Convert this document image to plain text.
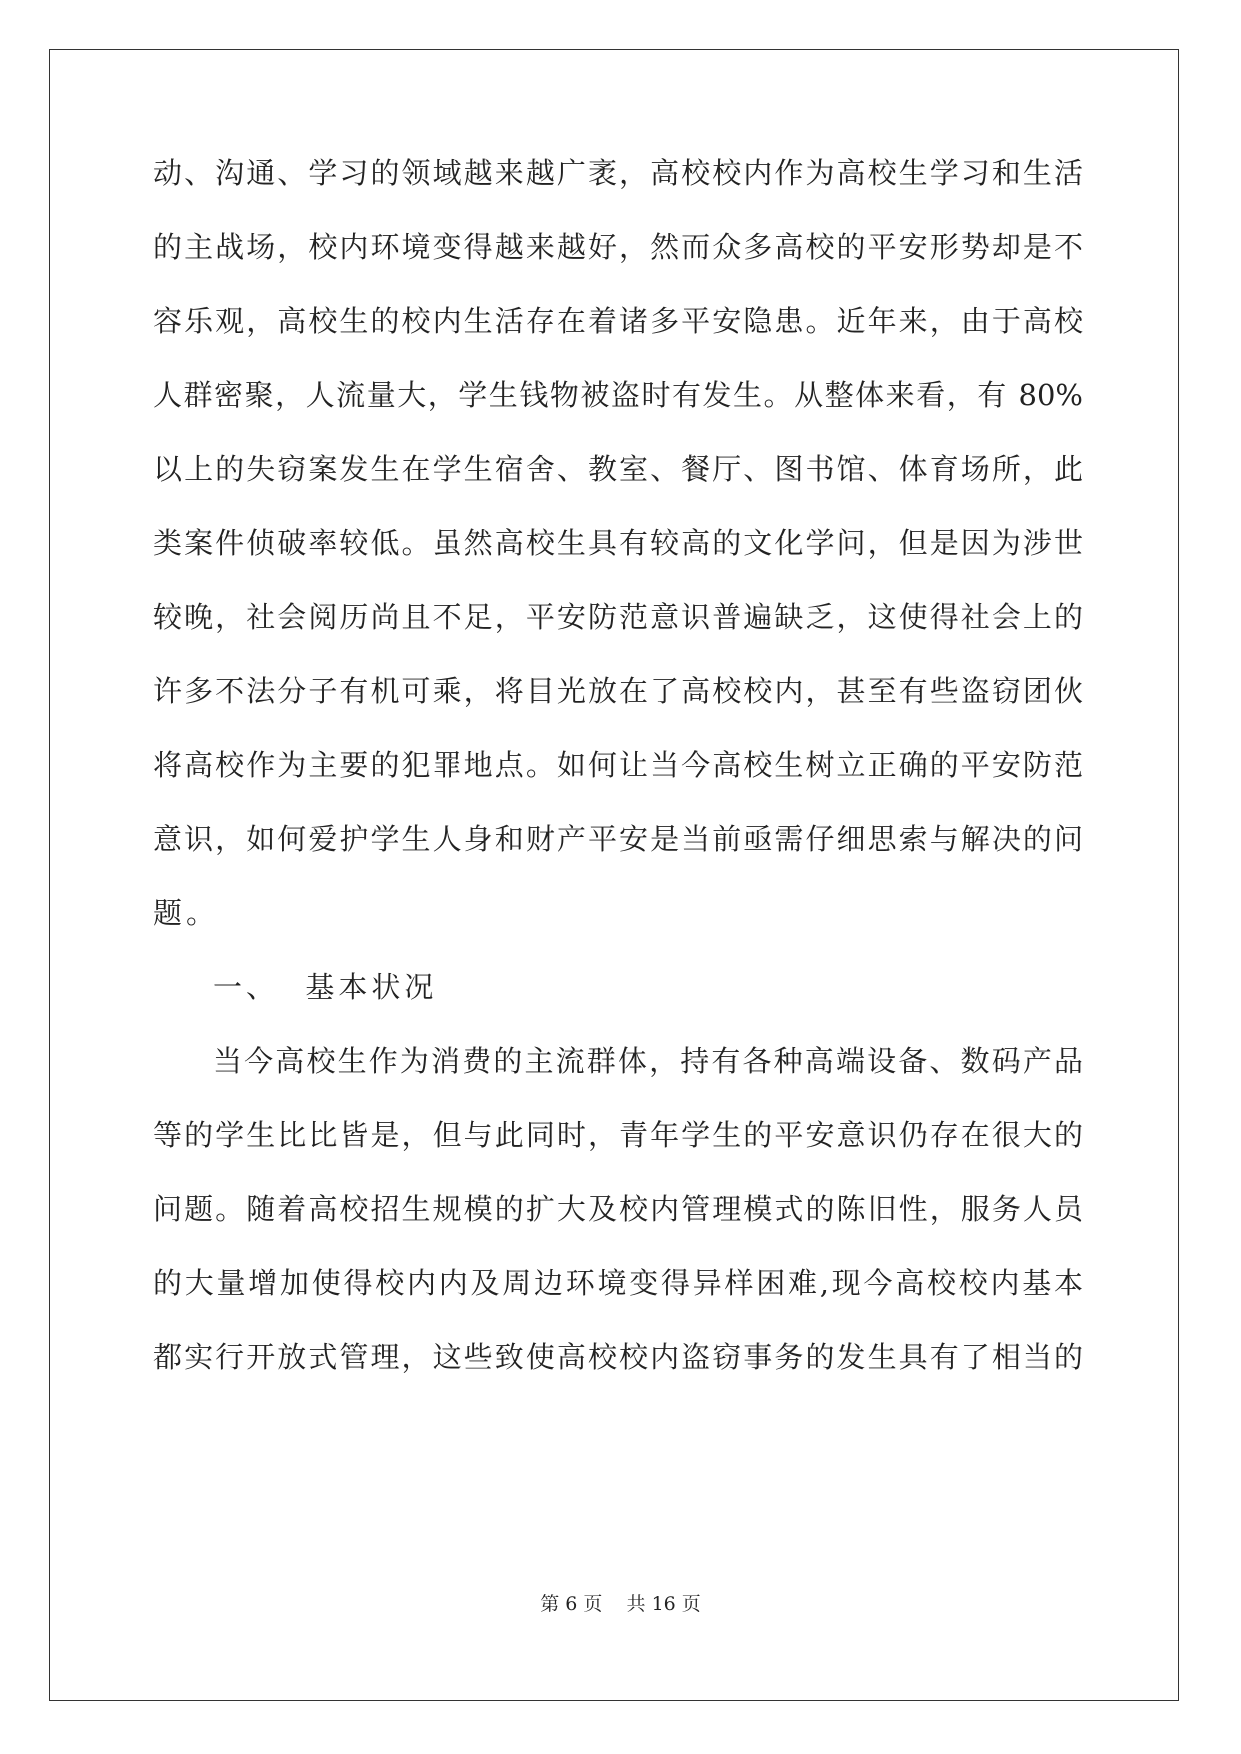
动、沟通、学习的领域越来越广袤，高校校内作为高校生学习和生活
的主战场，校内环境变得越来越好，然而众多高校的平安形势却是不
容乐观，高校生的校内生活存在着诸多平安隐患。近年来，由于高校
人群密聚，人流量大，学生钱物被盗时有发生。从整体来看，有 80%
以上的失窃案发生在学生宿舍、教室、餐厅、图书馆、体育场所，此
类案件侦破率较低。虽然高校生具有较高的文化学问，但是因为涉世
较晚，社会阅历尚且不足，平安防范意识普遍缺乏，这使得社会上的
许多不法分子有机可乘，将目光放在了高校校内，甚至有些盗窃团伙
将高校作为主要的犯罪地点。如何让当今高校生树立正确的平安防范
意识，如何爱护学生人身和财产平安是当前亟需仔细思索与解决的问
题。
一、  基本状况
当今高校生作为消费的主流群体，持有各种高端设备、数码产品
等的学生比比皆是，但与此同时，青年学生的平安意识仍存在很大的
问题。随着高校招生规模的扩大及校内管理模式的陈旧性，服务人员
的大量增加使得校内内及周边环境变得异样困难,现今高校校内基本
都实行开放式管理，这些致使高校校内盗窃事务的发生具有了相当的
第 6 页    共 16 页
